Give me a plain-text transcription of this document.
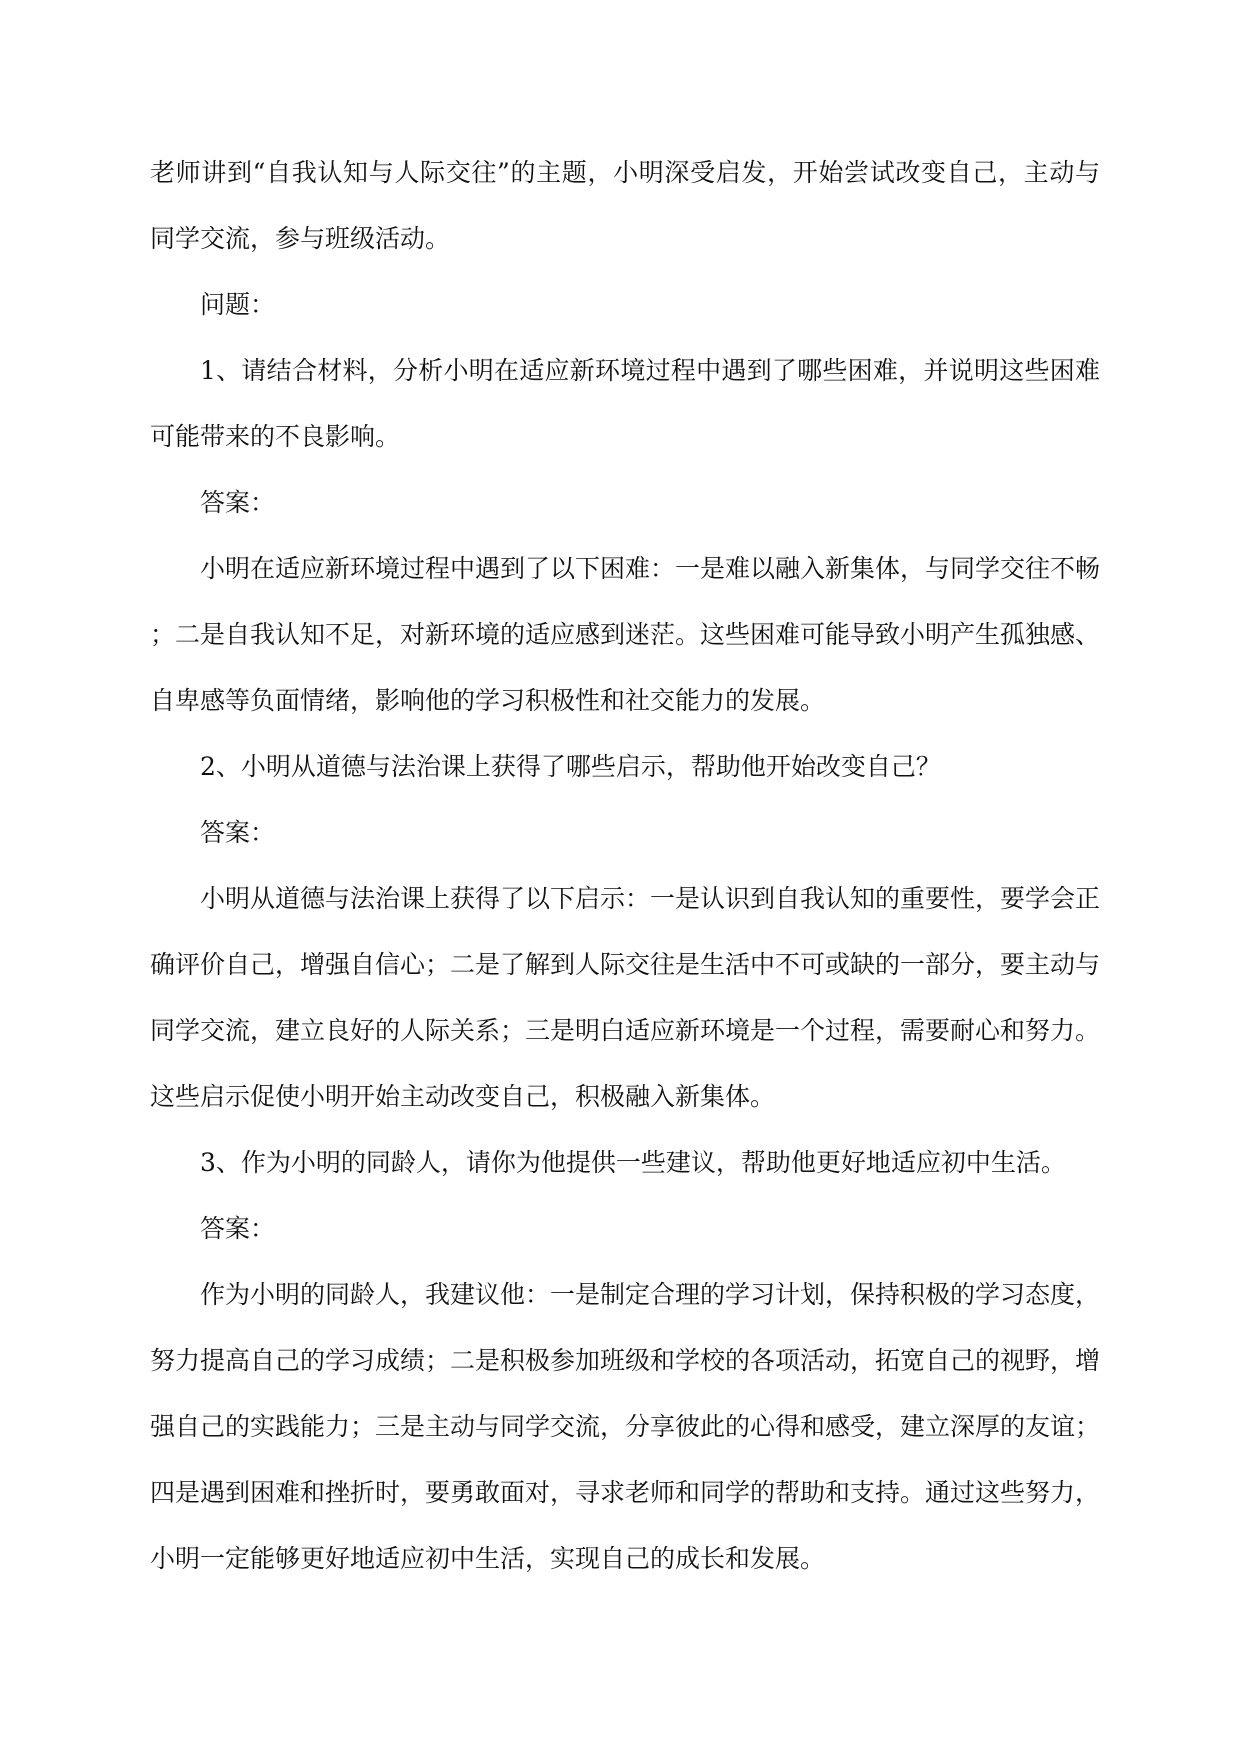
老师讲到“自我认知与人际交往”的主题，小明深受启发，开始尝试改变自己，主动与同学交流，参与班级活动。

问题：

1、请结合材料，分析小明在适应新环境过程中遇到了哪些困难，并说明这些困难可能带来的不良影响。

答案：

小明在适应新环境过程中遇到了以下困难：一是难以融入新集体，与同学交往不畅；二是自我认知不足，对新环境的适应感到迷茫。这些困难可能导致小明产生孤独感、自卑感等负面情绪，影响他的学习积极性和社交能力的发展。

2、小明从道德与法治课上获得了哪些启示，帮助他开始改变自己？

答案：

小明从道德与法治课上获得了以下启示：一是认识到自我认知的重要性，要学会正确评价自己，增强自信心；二是了解到人际交往是生活中不可或缺的一部分，要主动与同学交流，建立良好的人际关系；三是明白适应新环境是一个过程，需要耐心和努力。这些启示促使小明开始主动改变自己，积极融入新集体。

3、作为小明的同龄人，请你为他提供一些建议，帮助他更好地适应初中生活。

答案：

作为小明的同龄人，我建议他：一是制定合理的学习计划，保持积极的学习态度，努力提高自己的学习成绩；二是积极参加班级和学校的各项活动，拓宽自己的视野，增强自己的实践能力；三是主动与同学交流，分享彼此的心得和感受，建立深厚的友谊；四是遇到困难和挫折时，要勇敢面对，寻求老师和同学的帮助和支持。通过这些努力，小明一定能够更好地适应初中生活，实现自己的成长和发展。
